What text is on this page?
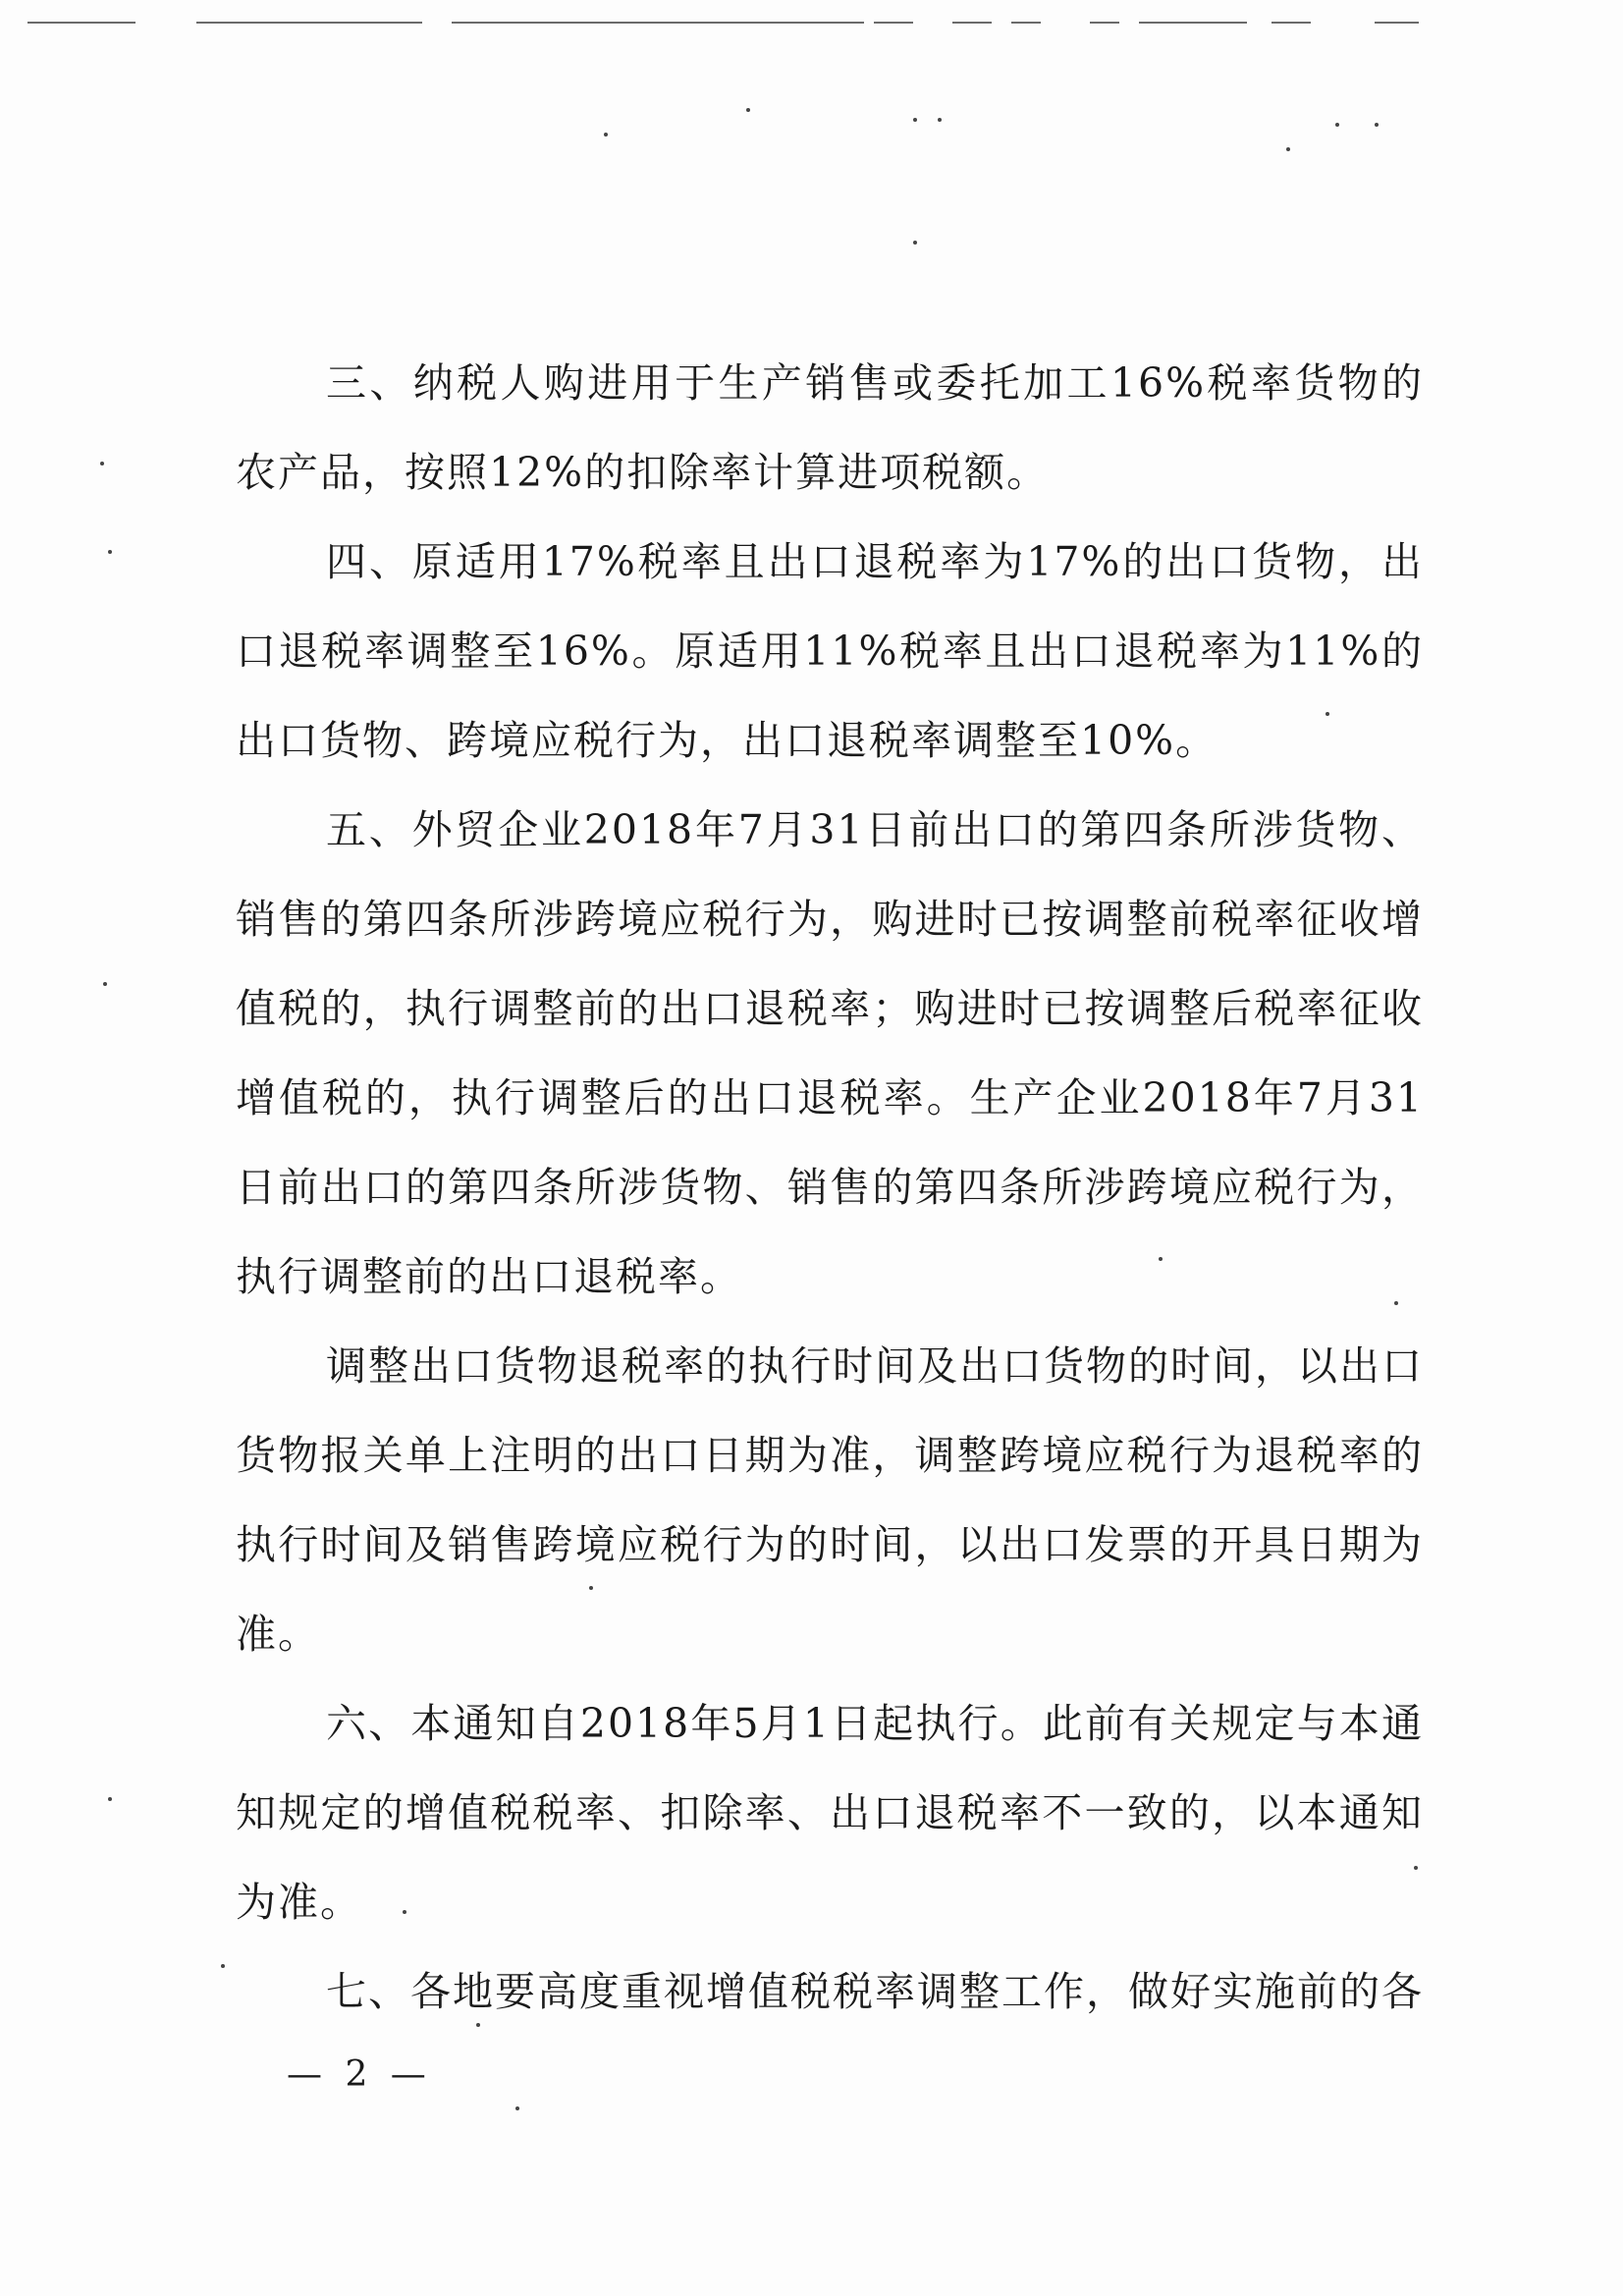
三、纳税人购进用于生产销售或委托加工16%税率货物的农产品，按照12%的扣除率计算进项税额。

四、原适用17%税率且出口退税率为17%的出口货物，出口退税率调整至16%。原适用11%税率且出口退税率为11%的出口货物、跨境应税行为，出口退税率调整至10%。

五、外贸企业2018年7月31日前出口的第四条所涉货物、销售的第四条所涉跨境应税行为，购进时已按调整前税率征收增值税的，执行调整前的出口退税率；购进时已按调整后税率征收增值税的，执行调整后的出口退税率。生产企业2018年7月31日前出口的第四条所涉货物、销售的第四条所涉跨境应税行为，执行调整前的出口退税率。

调整出口货物退税率的执行时间及出口货物的时间，以出口货物报关单上注明的出口日期为准，调整跨境应税行为退税率的执行时间及销售跨境应税行为的时间，以出口发票的开具日期为准。

六、本通知自2018年5月1日起执行。此前有关规定与本通知规定的增值税税率、扣除率、出口退税率不一致的，以本通知为准。

七、各地要高度重视增值税税率调整工作，做好实施前的各

— 2 —
